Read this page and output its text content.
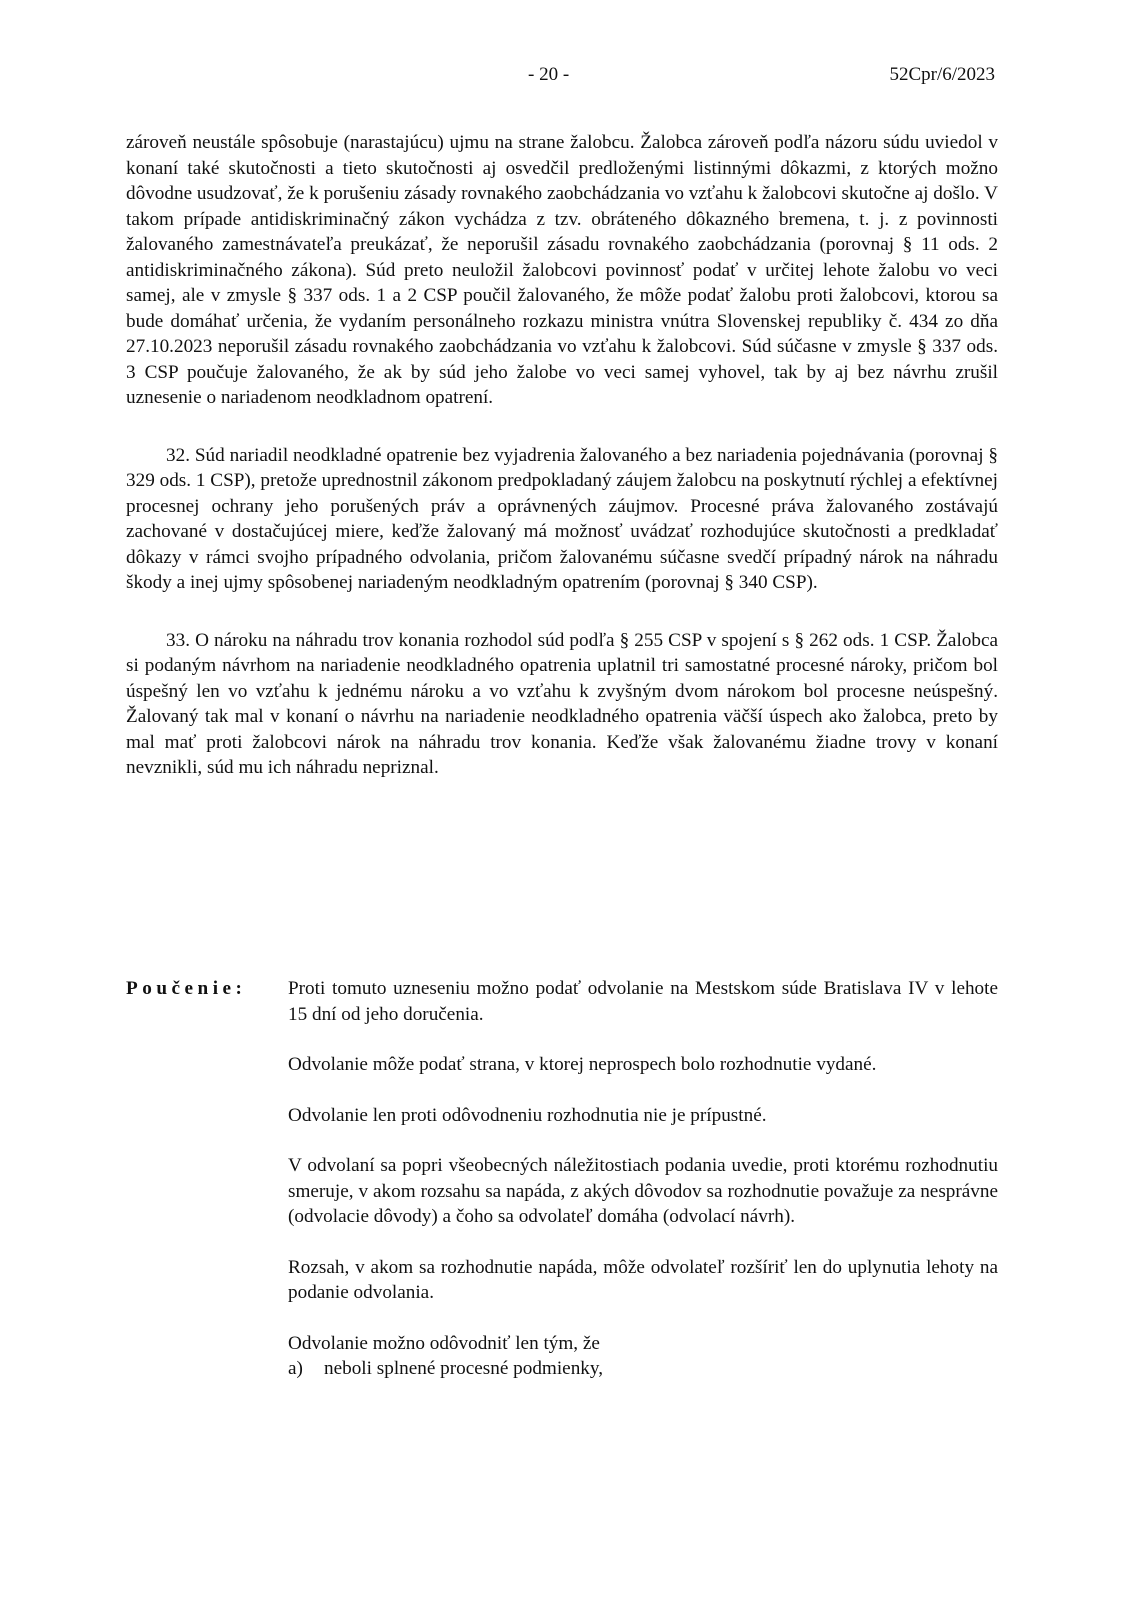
- 20 -	52Cpr/6/2023

zároveň neustále spôsobuje (narastajúcu) ujmu na strane žalobcu. Žalobca zároveň podľa názoru súdu uviedol v konaní také skutočnosti a tieto skutočnosti aj osvedčil predloženými listinnými dôkazmi, z ktorých možno dôvodne usudzovať, že k porušeniu zásady rovnakého zaobchádzania vo vzťahu k žalobcovi skutočne aj došlo. V takom prípade antidiskriminačný zákon vychádza z tzv. obráteného dôkazného bremena, t. j. z povinnosti žalovaného zamestnávateľa preukázať, že neporušil zásadu rovnakého zaobchádzania (porovnaj § 11 ods. 2 antidiskriminačného zákona). Súd preto neuložil žalobcovi povinnosť podať v určitej lehote žalobu vo veci samej, ale v zmysle § 337 ods. 1 a 2 CSP poučil žalovaného, že môže podať žalobu proti žalobcovi, ktorou sa bude domáhať určenia, že vydaním personálneho rozkazu ministra vnútra Slovenskej republiky č. 434 zo dňa 27.10.2023 neporušil zásadu rovnakého zaobchádzania vo vzťahu k žalobcovi. Súd súčasne v zmysle § 337 ods. 3 CSP poučuje žalovaného, že ak by súd jeho žalobe vo veci samej vyhovel, tak by aj bez návrhu zrušil uznesenie o nariadenom neodkladnom opatrení.

32. Súd nariadil neodkladné opatrenie bez vyjadrenia žalovaného a bez nariadenia pojednávania (porovnaj § 329 ods. 1 CSP), pretože uprednostnil zákonom predpokladaný záujem žalobcu na poskytnutí rýchlej a efektívnej procesnej ochrany jeho porušených práv a oprávnených záujmov. Procesné práva žalovaného zostávajú zachované v dostačujúcej miere, keďže žalovaný má možnosť uvádzať rozhodujúce skutočnosti a predkladať dôkazy v rámci svojho prípadného odvolania, pričom žalovanému súčasne svedčí prípadný nárok na náhradu škody a inej ujmy spôsobenej nariadeným neodkladným opatrením (porovnaj § 340 CSP).

33. O nároku na náhradu trov konania rozhodol súd podľa § 255 CSP v spojení s § 262 ods. 1 CSP. Žalobca si podaným návrhom na nariadenie neodkladného opatrenia uplatnil tri samostatné procesné nároky, pričom bol úspešný len vo vzťahu k jednému nároku a vo vzťahu k zvyšným dvom nárokom bol procesne neúspešný. Žalovaný tak mal v konaní o návrhu na nariadenie neodkladného opatrenia väčší úspech ako žalobca, preto by mal mať proti žalobcovi nárok na náhradu trov konania. Keďže však žalovanému žiadne trovy v konaní nevznikli, súd mu ich náhradu nepriznal.

Poučenie: Proti tomuto uzneseniu možno podať odvolanie na Mestskom súde Bratislava IV v lehote 15 dní od jeho doručenia.

Odvolanie môže podať strana, v ktorej neprospech bolo rozhodnutie vydané.

Odvolanie len proti odôvodneniu rozhodnutia nie je prípustné.

V odvolaní sa popri všeobecných náležitostiach podania uvedie, proti ktorému rozhodnutiu smeruje, v akom rozsahu sa napáda, z akých dôvodov sa rozhodnutie považuje za nesprávne (odvolacie dôvody) a čoho sa odvolateľ domáha (odvolací návrh).

Rozsah, v akom sa rozhodnutie napáda, môže odvolateľ rozšíriť len do uplynutia lehoty na podanie odvolania.

Odvolanie možno odôvodniť len tým, že

a)	neboli splnené procesné podmienky,
